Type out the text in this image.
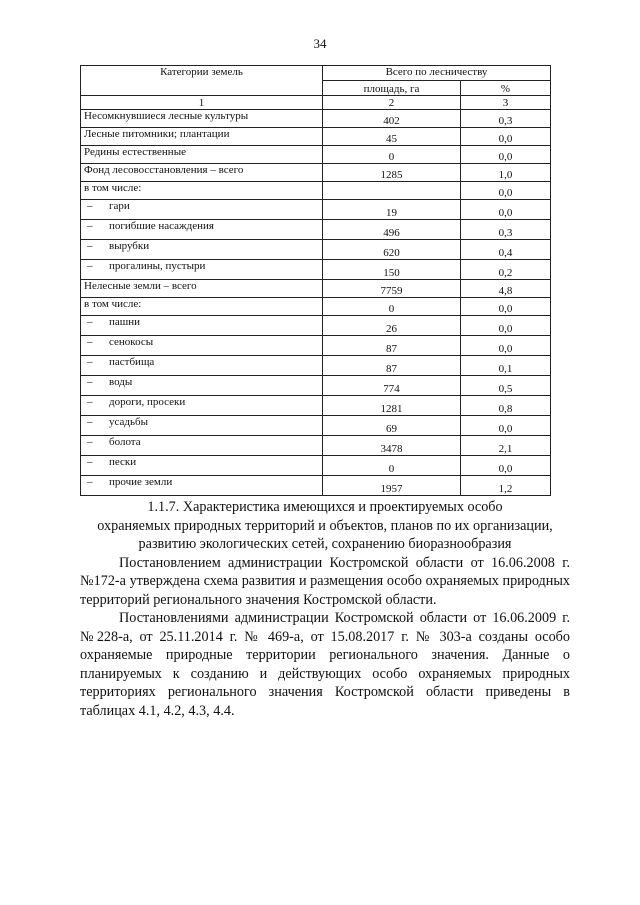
34
Категории земель	Всего по лесничеству	
	площадь, га	%
1	2	3
Несомкнувшиеся лесные культуры	402	0,3
Лесные питомники; плантации	45	0,0
Редины естественные	0	0,0
Фонд лесовосстановления – всего	1285	1,0
в том числе:		0,0
– гари	19	0,0
– погибшие насаждения	496	0,3
– вырубки	620	0,4
– прогалины, пустыри	150	0,2
Нелесные земли – всего	7759	4,8
в том числе:	0	0,0
– пашни	26	0,0
– сенокосы	87	0,0
– пастбища	87	0,1
– воды	774	0,5
– дороги, просеки	1281	0,8
– усадьбы	69	0,0
– болота	3478	2,1
– пески	0	0,0
– прочие земли	1957	1,2
1.1.7. Характеристика имеющихся и проектируемых особо
охраняемых природных территорий и объектов, планов по их организации,
развитию экологических сетей, сохранению биоразнообразия

Постановлением администрации Костромской области от 16.06.2008 г. №172-а утверждена схема развития и размещения особо охраняемых природных территорий регионального значения Костромской области.

Постановлениями администрации Костромской области от 16.06.2009 г. №228-а, от 25.11.2014 г. № 469-а, от 15.08.2017 г. № 303-а созданы особо охраняемые природные территории регионального значения. Данные о планируемых к созданию и действующих особо охраняемых природных территориях регионального значения Костромской области приведены в таблицах 4.1, 4.2, 4.3, 4.4.
